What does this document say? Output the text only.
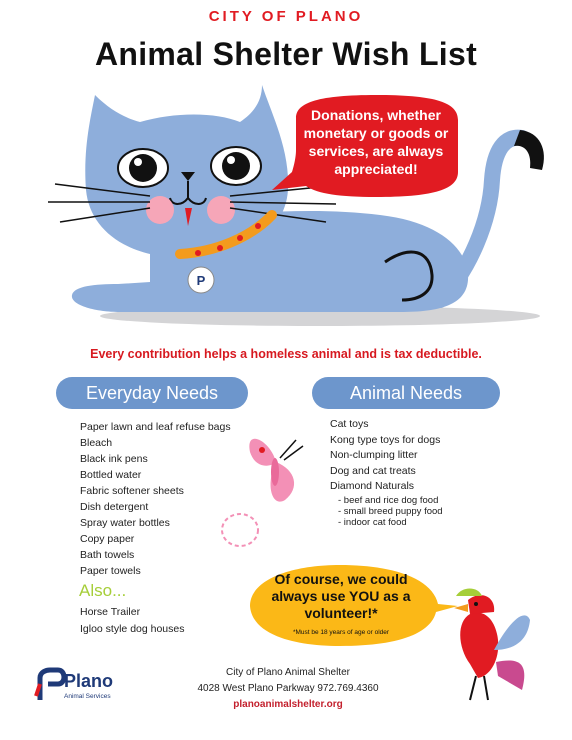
CITY OF PLANO
Animal Shelter Wish List
P
Donations, whether monetary or goods or services, are always appreciated!
Every contribution helps a homeless animal and is tax deductible.
Everyday Needs	Animal Needs
Paper lawn and leaf refuse bags
Bleach
Black ink pens
Bottled water
Fabric softener sheets
Dish detergent
Spray water bottles
Copy paper
Bath towels
Paper towels
Cat toys
Kong type toys for dogs
Non-clumping litter
Dog and cat treats
Diamond Naturals
- beef and rice dog food
- small breed puppy food
- indoor cat food
Also...
Horse Trailer
Igloo style dog houses
Of course, we could always use YOU as a volunteer!*
*Must be 18 years of age or older
Plano
Animal Services
City of Plano Animal Shelter
4028 West Plano Parkway 972.769.4360
planoanimalshelter.org
